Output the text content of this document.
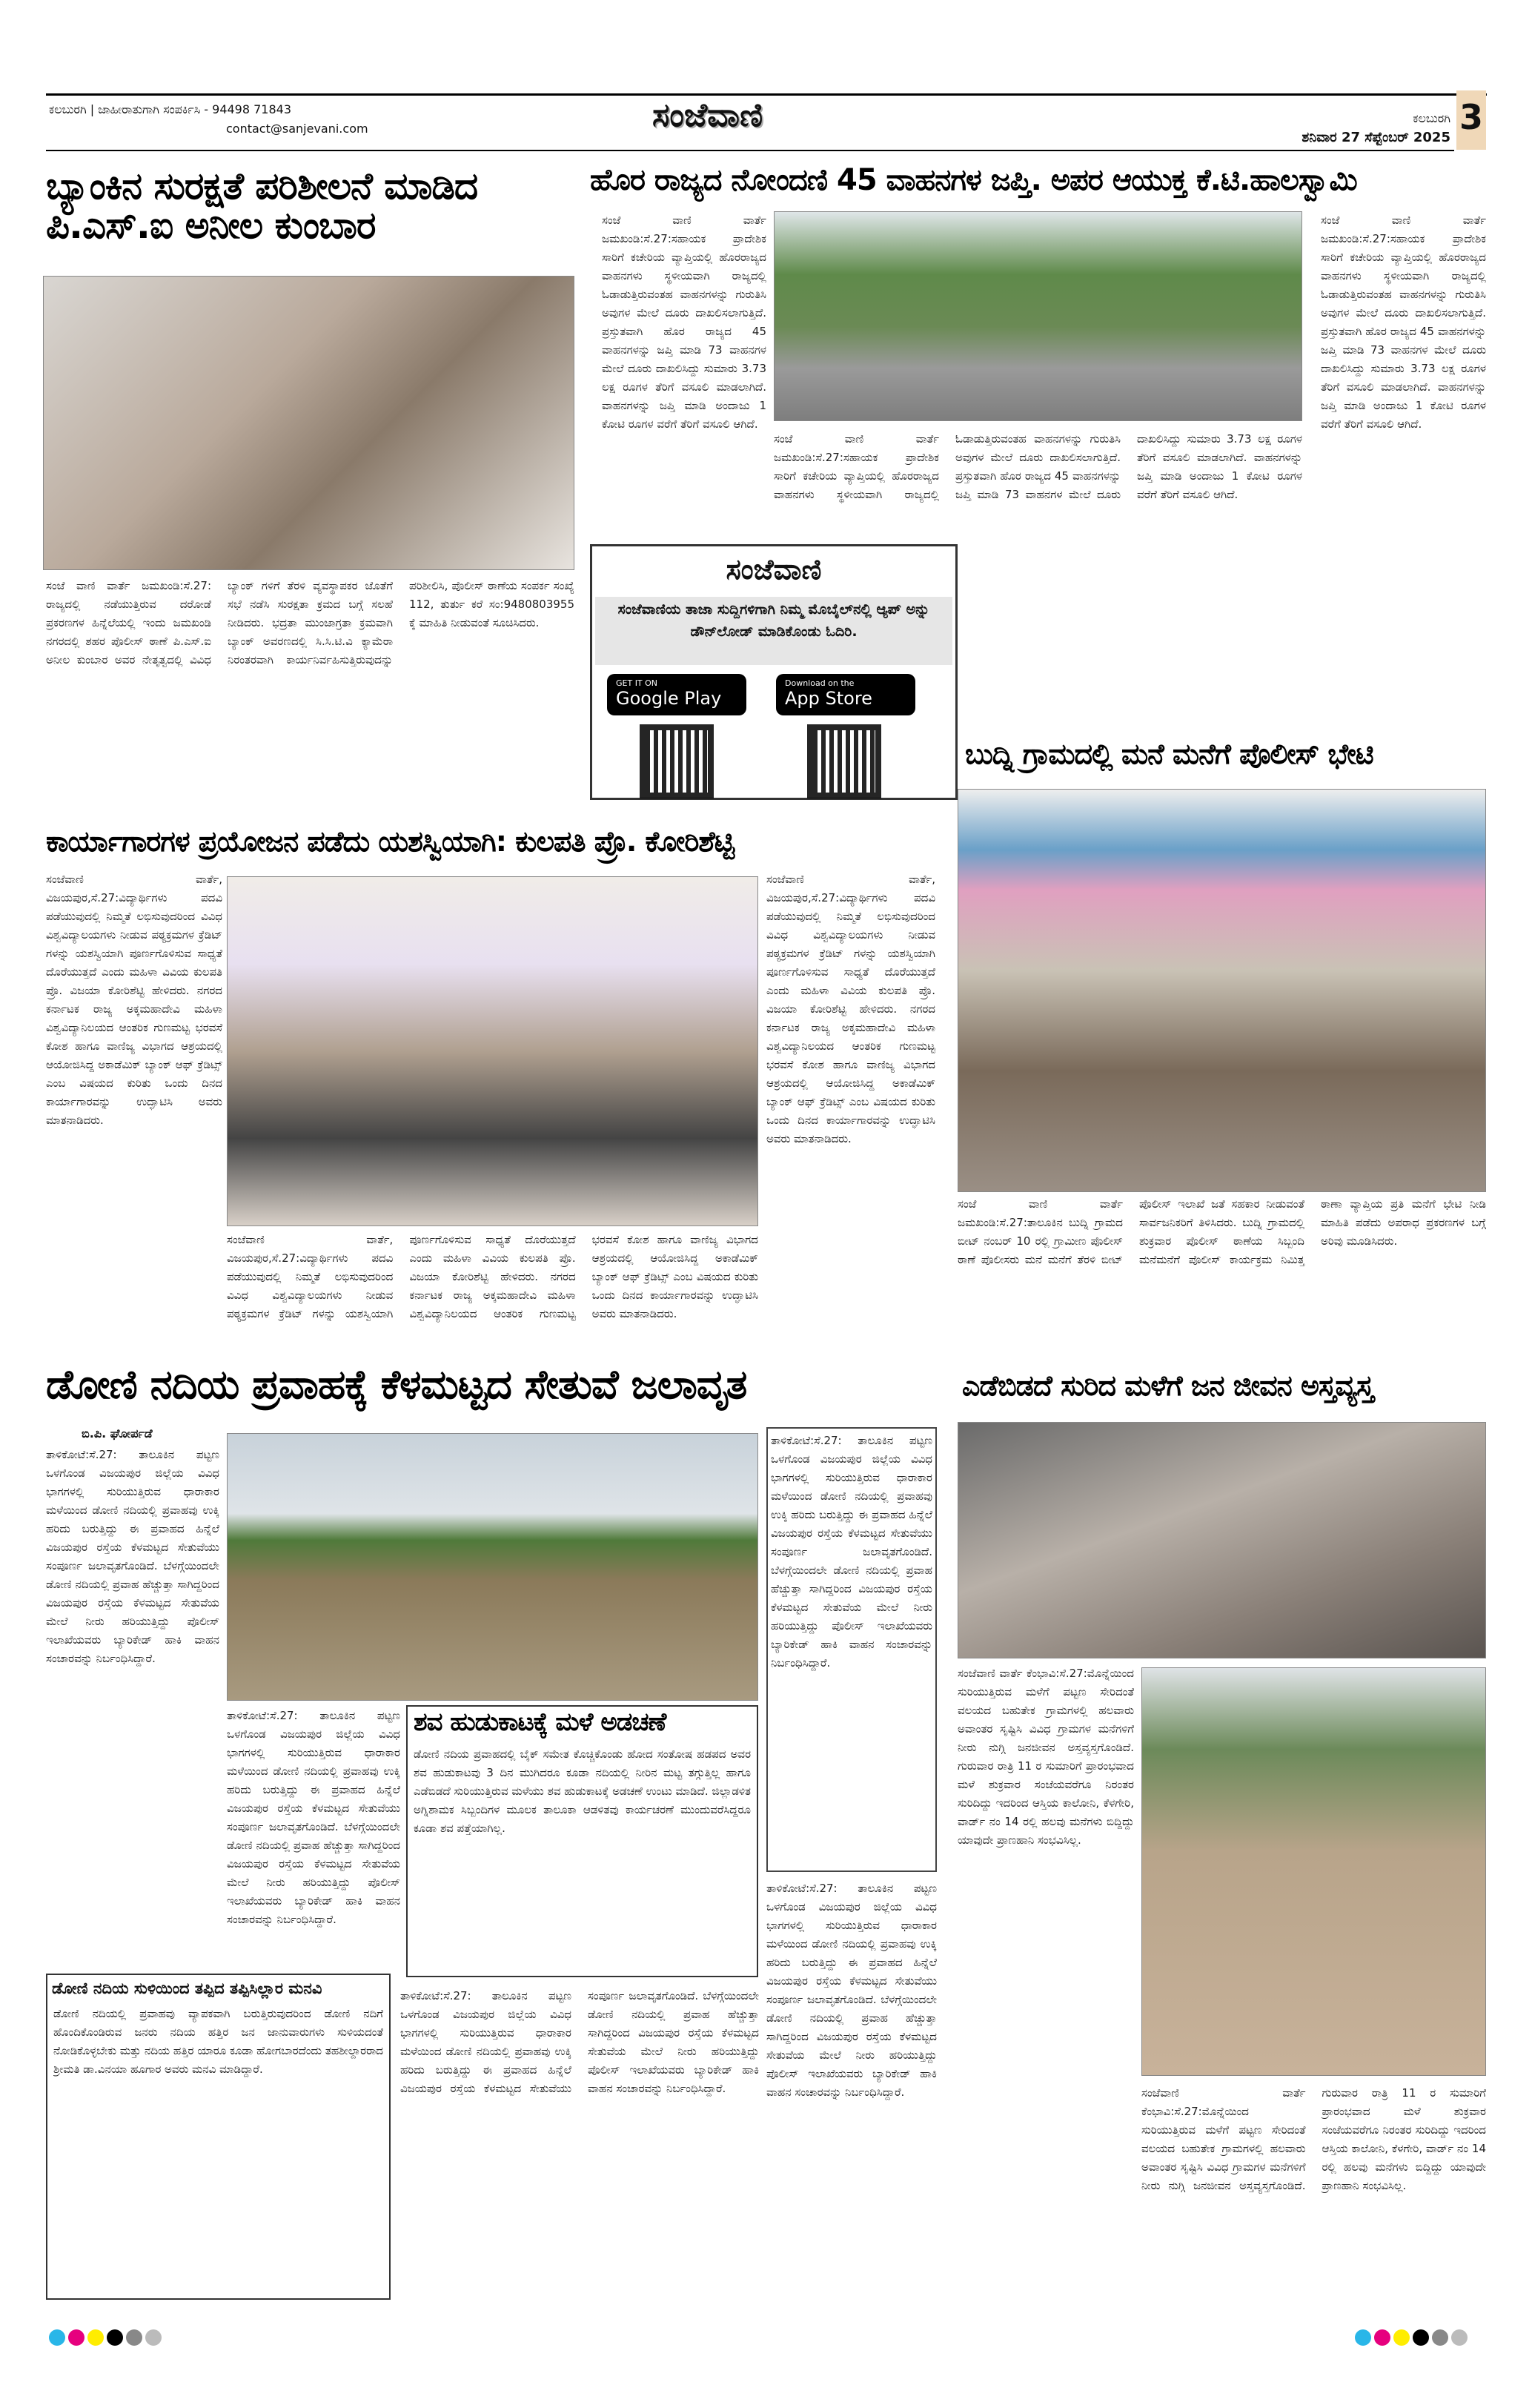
ಕಲಬುರಗಿ | ಜಾಹೀರಾತುಗಾಗಿ ಸಂಪರ್ಕಿಸಿ - 94498 71843
contact@sanjevani.com	ಸಂಜೆವಾಣಿ	ಕಲಬುರಗಿ
ಶನಿವಾರ 27 ಸೆಪ್ಟೆಂಬರ್ 2025
3
ಬ್ಯಾಂಕಿನ ಸುರಕ್ಷತೆ ಪರಿಶೀಲನೆ ಮಾಡಿದ ಪಿ.ಎಸ್.ಐ ಅನೀಲ ಕುಂಬಾರ
ಸಂಜೆ ವಾಣಿ ವಾರ್ತೆ ಜಮಖಂಡಿ:ಸೆ.27: ರಾಜ್ಯದಲ್ಲಿ ನಡೆಯುತ್ತಿರುವ ದರೋಡೆ ಪ್ರಕರಣಗಳ ಹಿನ್ನೆಲೆಯಲ್ಲಿ ಇಂದು ಜಮಖಂಡಿ ನಗರದಲ್ಲಿ ಶಹರ ಪೊಲೀಸ್ ಠಾಣೆ ಪಿ.ಎಸ್.ಐ ಅನೀಲ ಕುಂಬಾರ ಅವರ ನೇತೃತ್ವದಲ್ಲಿ ವಿವಿಧ ಬ್ಯಾಂಕ್ ಗಳಿಗೆ ತೆರಳಿ ವ್ಯವಸ್ಥಾಪಕರ ಜೊತೆಗೆ ಸಭೆ ನಡೆಸಿ ಸುರಕ್ಷತಾ ಕ್ರಮದ ಬಗ್ಗೆ ಸಲಹೆ ನೀಡಿದರು. ಭದ್ರತಾ ಮುಂಜಾಗ್ರತಾ ಕ್ರಮವಾಗಿ ಬ್ಯಾಂಕ್ ಅವರಣದಲ್ಲಿ ಸಿ.ಸಿ.ಟಿ.ವಿ ಕ್ಯಾಮೆರಾ ನಿರಂತರವಾಗಿ ಕಾರ್ಯನಿರ್ವಹಿಸುತ್ತಿರುವುದನ್ನು ಪರಿಶೀಲಿಸಿ, ಪೊಲೀಸ್ ಠಾಣೆಯ ಸಂಪರ್ಕ ಸಂಖ್ಯೆ 112, ತುರ್ತು ಕರೆ ಸಂ:9480803955 ಕ್ಕೆ ಮಾಹಿತಿ ನೀಡುವಂತೆ ಸೂಚಿಸಿದರು.
ಹೊರ ರಾಜ್ಯದ ನೋಂದಣಿ 45 ವಾಹನಗಳ ಜಪ್ತಿ. ಅಪರ ಆಯುಕ್ತ ಕೆ.ಟಿ.ಹಾಲಸ್ವಾಮಿ
ಸಂಜೆ ವಾಣಿ ವಾರ್ತೆ ಜಮಖಂಡಿ:ಸೆ.27:ಸಹಾಯಕ ಪ್ರಾದೇಶಿಕ ಸಾರಿಗೆ ಕಚೇರಿಯ ವ್ಯಾಪ್ತಿಯಲ್ಲಿ ಹೊರರಾಜ್ಯದ ವಾಹನಗಳು ಸ್ಥಳೀಯವಾಗಿ ರಾಜ್ಯದಲ್ಲಿ ಓಡಾಡುತ್ತಿರುವಂತಹ ವಾಹನಗಳನ್ನು ಗುರುತಿಸಿ ಅವುಗಳ ಮೇಲೆ ದೂರು ದಾಖಲಿಸಲಾಗುತ್ತಿದೆ. ಪ್ರಸ್ತುತವಾಗಿ ಹೊರ ರಾಜ್ಯದ 45 ವಾಹನಗಳನ್ನು ಜಪ್ತಿ ಮಾಡಿ 73 ವಾಹನಗಳ ಮೇಲೆ ದೂರು ದಾಖಲಿಸಿದ್ದು ಸುಮಾರು 3.73 ಲಕ್ಷ ರೂಗಳ ತೆರಿಗೆ ವಸೂಲಿ ಮಾಡಲಾಗಿದೆ. ವಾಹನಗಳನ್ನು ಜಪ್ತಿ ಮಾಡಿ ಅಂದಾಜು 1 ಕೋಟಿ ರೂಗಳ ವರೆಗೆ ತೆರಿಗೆ ವಸೂಲಿ ಆಗಿದೆ.
ಸಂಜೆ ವಾಣಿ ವಾರ್ತೆ ಜಮಖಂಡಿ:ಸೆ.27:ಸಹಾಯಕ ಪ್ರಾದೇಶಿಕ ಸಾರಿಗೆ ಕಚೇರಿಯ ವ್ಯಾಪ್ತಿಯಲ್ಲಿ ಹೊರರಾಜ್ಯದ ವಾಹನಗಳು ಸ್ಥಳೀಯವಾಗಿ ರಾಜ್ಯದಲ್ಲಿ ಓಡಾಡುತ್ತಿರುವಂತಹ ವಾಹನಗಳನ್ನು ಗುರುತಿಸಿ ಅವುಗಳ ಮೇಲೆ ದೂರು ದಾಖಲಿಸಲಾಗುತ್ತಿದೆ. ಪ್ರಸ್ತುತವಾಗಿ ಹೊರ ರಾಜ್ಯದ 45 ವಾಹನಗಳನ್ನು ಜಪ್ತಿ ಮಾಡಿ 73 ವಾಹನಗಳ ಮೇಲೆ ದೂರು ದಾಖಲಿಸಿದ್ದು ಸುಮಾರು 3.73 ಲಕ್ಷ ರೂಗಳ ತೆರಿಗೆ ವಸೂಲಿ ಮಾಡಲಾಗಿದೆ. ವಾಹನಗಳನ್ನು ಜಪ್ತಿ ಮಾಡಿ ಅಂದಾಜು 1 ಕೋಟಿ ರೂಗಳ ವರೆಗೆ ತೆರಿಗೆ ವಸೂಲಿ ಆಗಿದೆ.
ಸಂಜೆ ವಾಣಿ ವಾರ್ತೆ ಜಮಖಂಡಿ:ಸೆ.27:ಸಹಾಯಕ ಪ್ರಾದೇಶಿಕ ಸಾರಿಗೆ ಕಚೇರಿಯ ವ್ಯಾಪ್ತಿಯಲ್ಲಿ ಹೊರರಾಜ್ಯದ ವಾಹನಗಳು ಸ್ಥಳೀಯವಾಗಿ ರಾಜ್ಯದಲ್ಲಿ ಓಡಾಡುತ್ತಿರುವಂತಹ ವಾಹನಗಳನ್ನು ಗುರುತಿಸಿ ಅವುಗಳ ಮೇಲೆ ದೂರು ದಾಖಲಿಸಲಾಗುತ್ತಿದೆ. ಪ್ರಸ್ತುತವಾಗಿ ಹೊರ ರಾಜ್ಯದ 45 ವಾಹನಗಳನ್ನು ಜಪ್ತಿ ಮಾಡಿ 73 ವಾಹನಗಳ ಮೇಲೆ ದೂರು ದಾಖಲಿಸಿದ್ದು ಸುಮಾರು 3.73 ಲಕ್ಷ ರೂಗಳ ತೆರಿಗೆ ವಸೂಲಿ ಮಾಡಲಾಗಿದೆ. ವಾಹನಗಳನ್ನು ಜಪ್ತಿ ಮಾಡಿ ಅಂದಾಜು 1 ಕೋಟಿ ರೂಗಳ ವರೆಗೆ ತೆರಿಗೆ ವಸೂಲಿ ಆಗಿದೆ.
ಸಂಜೆವಾಣಿ
ಸಂಜೆವಾಣಿಯ ತಾಜಾ ಸುದ್ದಿಗಳಿಗಾಗಿ ನಿಮ್ಮ ಮೊಬೈಲ್‌ನಲ್ಲಿ ಆ್ಯಪ್ ಅನ್ನು ಡೌನ್‌ಲೋಡ್ ಮಾಡಿಕೊಂಡು ಓದಿರಿ.
GET IT ON
Google Play
Download on the
App Store
ಬುದ್ನಿ ಗ್ರಾಮದಲ್ಲಿ ಮನೆ ಮನೆಗೆ ಪೊಲೀಸ್ ಭೇಟಿ
ಸಂಜೆ ವಾಣಿ ವಾರ್ತೆ ಜಮಖಂಡಿ:ಸೆ.27:ತಾಲೂಕಿನ ಬುದ್ನಿ ಗ್ರಾಮದ ಬೀಟ್ ನಂಬರ್ 10 ರಲ್ಲಿ ಗ್ರಾಮೀಣ ಪೊಲೀಸ್ ಠಾಣೆ ಪೊಲೀಸರು ಮನೆ ಮನೆಗೆ ತೆರಳಿ ಬೀಟ್ ಪೊಲೀಸ್ ಇಲಾಖೆ ಜತೆ ಸಹಕಾರ ನೀಡುವಂತೆ ಸಾರ್ವಜನಿಕರಿಗೆ ತಿಳಿಸಿದರು. ಬುದ್ನಿ ಗ್ರಾಮದಲ್ಲಿ ಶುಕ್ರವಾರ ಪೊಲೀಸ್ ಠಾಣೆಯ ಸಿಬ್ಬಂದಿ ಮನೆಮನೆಗೆ ಪೊಲೀಸ್ ಕಾರ್ಯಕ್ರಮ ನಿಮಿತ್ತ ಠಾಣಾ ವ್ಯಾಪ್ತಿಯ ಪ್ರತಿ ಮನೆಗೆ ಭೇಟಿ ನೀಡಿ ಮಾಹಿತಿ ಪಡೆದು ಅಪರಾಧ ಪ್ರಕರಣಗಳ ಬಗ್ಗೆ ಅರಿವು ಮೂಡಿಸಿದರು.
ಕಾರ್ಯಾಗಾರಗಳ ಪ್ರಯೋಜನ ಪಡೆದು ಯಶಸ್ವಿಯಾಗಿ: ಕುಲಪತಿ ಪ್ರೊ. ಕೋರಿಶೆಟ್ಟಿ
ಸಂಜೆವಾಣಿ ವಾರ್ತೆ, ವಿಜಯಪುರ,ಸೆ.27:ವಿದ್ಯಾರ್ಥಿಗಳು ಪದವಿ ಪಡೆಯುವುದಲ್ಲಿ ನಿಮ್ಮತೆ ಲಭಿಸುವುದರಿಂದ ವಿವಿಧ ವಿಶ್ವವಿದ್ಯಾಲಯಗಳು ನೀಡುವ ಪಠ್ಯಕ್ರಮಗಳ ಕ್ರೆಡಿಟ್ ಗಳನ್ನು ಯಶಸ್ವಿಯಾಗಿ ಪೂರ್ಣಗೊಳಿಸುವ ಸಾಧ್ಯತೆ ದೊರೆಯುತ್ತದೆ ಎಂದು ಮಹಿಳಾ ವಿವಿಯ ಕುಲಪತಿ ಪ್ರೊ. ವಿಜಯಾ ಕೋರಿಶೆಟ್ಟಿ ಹೇಳಿದರು. ನಗರದ ಕರ್ನಾಟಕ ರಾಜ್ಯ ಅಕ್ಕಮಹಾದೇವಿ ಮಹಿಳಾ ವಿಶ್ವವಿದ್ಯಾನಿಲಯದ ಆಂತರಿಕ ಗುಣಮಟ್ಟ ಭರವಸೆ ಕೋಶ ಹಾಗೂ ವಾಣಿಜ್ಯ ವಿಭಾಗದ ಆಶ್ರಯದಲ್ಲಿ ಆಯೋಜಿಸಿದ್ದ ಅಕಾಡೆಮಿಕ್ ಬ್ಯಾಂಕ್ ಆಫ್ ಕ್ರೆಡಿಟ್ಸ್ ಎಂಬ ವಿಷಯದ ಕುರಿತು ಒಂದು ದಿನದ ಕಾರ್ಯಾಗಾರವನ್ನು ಉದ್ಘಾಟಿಸಿ ಅವರು ಮಾತನಾಡಿದರು.
ಸಂಜೆವಾಣಿ ವಾರ್ತೆ, ವಿಜಯಪುರ,ಸೆ.27:ವಿದ್ಯಾರ್ಥಿಗಳು ಪದವಿ ಪಡೆಯುವುದಲ್ಲಿ ನಿಮ್ಮತೆ ಲಭಿಸುವುದರಿಂದ ವಿವಿಧ ವಿಶ್ವವಿದ್ಯಾಲಯಗಳು ನೀಡುವ ಪಠ್ಯಕ್ರಮಗಳ ಕ್ರೆಡಿಟ್ ಗಳನ್ನು ಯಶಸ್ವಿಯಾಗಿ ಪೂರ್ಣಗೊಳಿಸುವ ಸಾಧ್ಯತೆ ದೊರೆಯುತ್ತದೆ ಎಂದು ಮಹಿಳಾ ವಿವಿಯ ಕುಲಪತಿ ಪ್ರೊ. ವಿಜಯಾ ಕೋರಿಶೆಟ್ಟಿ ಹೇಳಿದರು. ನಗರದ ಕರ್ನಾಟಕ ರಾಜ್ಯ ಅಕ್ಕಮಹಾದೇವಿ ಮಹಿಳಾ ವಿಶ್ವವಿದ್ಯಾನಿಲಯದ ಆಂತರಿಕ ಗುಣಮಟ್ಟ ಭರವಸೆ ಕೋಶ ಹಾಗೂ ವಾಣಿಜ್ಯ ವಿಭಾಗದ ಆಶ್ರಯದಲ್ಲಿ ಆಯೋಜಿಸಿದ್ದ ಅಕಾಡೆಮಿಕ್ ಬ್ಯಾಂಕ್ ಆಫ್ ಕ್ರೆಡಿಟ್ಸ್ ಎಂಬ ವಿಷಯದ ಕುರಿತು ಒಂದು ದಿನದ ಕಾರ್ಯಾಗಾರವನ್ನು ಉದ್ಘಾಟಿಸಿ ಅವರು ಮಾತನಾಡಿದರು.
ಸಂಜೆವಾಣಿ ವಾರ್ತೆ, ವಿಜಯಪುರ,ಸೆ.27:ವಿದ್ಯಾರ್ಥಿಗಳು ಪದವಿ ಪಡೆಯುವುದಲ್ಲಿ ನಿಮ್ಮತೆ ಲಭಿಸುವುದರಿಂದ ವಿವಿಧ ವಿಶ್ವವಿದ್ಯಾಲಯಗಳು ನೀಡುವ ಪಠ್ಯಕ್ರಮಗಳ ಕ್ರೆಡಿಟ್ ಗಳನ್ನು ಯಶಸ್ವಿಯಾಗಿ ಪೂರ್ಣಗೊಳಿಸುವ ಸಾಧ್ಯತೆ ದೊರೆಯುತ್ತದೆ ಎಂದು ಮಹಿಳಾ ವಿವಿಯ ಕುಲಪತಿ ಪ್ರೊ. ವಿಜಯಾ ಕೋರಿಶೆಟ್ಟಿ ಹೇಳಿದರು. ನಗರದ ಕರ್ನಾಟಕ ರಾಜ್ಯ ಅಕ್ಕಮಹಾದೇವಿ ಮಹಿಳಾ ವಿಶ್ವವಿದ್ಯಾನಿಲಯದ ಆಂತರಿಕ ಗುಣಮಟ್ಟ ಭರವಸೆ ಕೋಶ ಹಾಗೂ ವಾಣಿಜ್ಯ ವಿಭಾಗದ ಆಶ್ರಯದಲ್ಲಿ ಆಯೋಜಿಸಿದ್ದ ಅಕಾಡೆಮಿಕ್ ಬ್ಯಾಂಕ್ ಆಫ್ ಕ್ರೆಡಿಟ್ಸ್ ಎಂಬ ವಿಷಯದ ಕುರಿತು ಒಂದು ದಿನದ ಕಾರ್ಯಾಗಾರವನ್ನು ಉದ್ಘಾಟಿಸಿ ಅವರು ಮಾತನಾಡಿದರು.
ಡೋಣಿ ನದಿಯ ಪ್ರವಾಹಕ್ಕೆ ಕೆಳಮಟ್ಟದ ಸೇತುವೆ ಜಲಾವೃತ
ಬಿ.ಪಿ. ಘೋರ್ಪಡೆ
ತಾಳಿಕೋಟೆ:ಸೆ.27: ತಾಲೂಕಿನ ಪಟ್ಟಣ ಒಳಗೊಂಡ ವಿಜಯಪುರ ಜಿಲ್ಲೆಯ ವಿವಿಧ ಭಾಗಗಳಲ್ಲಿ ಸುರಿಯುತ್ತಿರುವ ಧಾರಾಕಾರ ಮಳೆಯಿಂದ ಡೋಣಿ ನದಿಯಲ್ಲಿ ಪ್ರವಾಹವು ಉಕ್ಕಿ ಹರಿದು ಬರುತ್ತಿದ್ದು ಈ ಪ್ರವಾಹದ ಹಿನ್ನೆಲೆ ವಿಜಯಪುರ ರಸ್ತೆಯ ಕೆಳಮಟ್ಟದ ಸೇತುವೆಯು ಸಂಪೂರ್ಣ ಜಲಾವೃತಗೊಂಡಿದೆ. ಬೆಳಗ್ಗೆಯಿಂದಲೇ ಡೋಣಿ ನದಿಯಲ್ಲಿ ಪ್ರವಾಹ ಹೆಚ್ಚುತ್ತಾ ಸಾಗಿದ್ದರಿಂದ ವಿಜಯಪುರ ರಸ್ತೆಯ ಕೆಳಮಟ್ಟದ ಸೇತುವೆಯ ಮೇಲೆ ನೀರು ಹರಿಯುತ್ತಿದ್ದು ಪೊಲೀಸ್ ಇಲಾಖೆಯವರು ಬ್ಯಾರಿಕೇಡ್ ಹಾಕಿ ವಾಹನ ಸಂಚಾರವನ್ನು ನಿರ್ಬಂಧಿಸಿದ್ದಾರೆ.
ತಾಳಿಕೋಟೆ:ಸೆ.27: ತಾಲೂಕಿನ ಪಟ್ಟಣ ಒಳಗೊಂಡ ವಿಜಯಪುರ ಜಿಲ್ಲೆಯ ವಿವಿಧ ಭಾಗಗಳಲ್ಲಿ ಸುರಿಯುತ್ತಿರುವ ಧಾರಾಕಾರ ಮಳೆಯಿಂದ ಡೋಣಿ ನದಿಯಲ್ಲಿ ಪ್ರವಾಹವು ಉಕ್ಕಿ ಹರಿದು ಬರುತ್ತಿದ್ದು ಈ ಪ್ರವಾಹದ ಹಿನ್ನೆಲೆ ವಿಜಯಪುರ ರಸ್ತೆಯ ಕೆಳಮಟ್ಟದ ಸೇತುವೆಯು ಸಂಪೂರ್ಣ ಜಲಾವೃತಗೊಂಡಿದೆ. ಬೆಳಗ್ಗೆಯಿಂದಲೇ ಡೋಣಿ ನದಿಯಲ್ಲಿ ಪ್ರವಾಹ ಹೆಚ್ಚುತ್ತಾ ಸಾಗಿದ್ದರಿಂದ ವಿಜಯಪುರ ರಸ್ತೆಯ ಕೆಳಮಟ್ಟದ ಸೇತುವೆಯ ಮೇಲೆ ನೀರು ಹರಿಯುತ್ತಿದ್ದು ಪೊಲೀಸ್ ಇಲಾಖೆಯವರು ಬ್ಯಾರಿಕೇಡ್ ಹಾಕಿ ವಾಹನ ಸಂಚಾರವನ್ನು ನಿರ್ಬಂಧಿಸಿದ್ದಾರೆ.
ಶವ ಹುಡುಕಾಟಕ್ಕೆ ಮಳೆ ಅಡಚಣೆ
ಡೋಣಿ ನದಿಯ ಪ್ರವಾಹದಲ್ಲಿ ಬೈಕ್ ಸಮೇತ ಕೊಚ್ಚಿಕೊಂಡು ಹೋದ ಸಂತೋಷ ಹಡಪದ ಅವರ ಶವ ಹುಡುಕಾಟವು 3 ದಿನ ಮುಗಿದರೂ ಕೂಡಾ ನದಿಯಲ್ಲಿ ನೀರಿನ ಮಟ್ಟ ತಗ್ಗುತ್ತಿಲ್ಲ ಹಾಗೂ ಎಡೆಬಿಡದೆ ಸುರಿಯುತ್ತಿರುವ ಮಳೆಯು ಶವ ಹುಡುಕಾಟಕ್ಕೆ ಅಡಚಣೆ ಉಂಟು ಮಾಡಿದೆ. ಜಿಲ್ಲಾಡಳಿತ ಅಗ್ನಿಶಾಮಕ ಸಿಬ್ಬಂದಿಗಳ ಮೂಲಕ ತಾಲೂಕಾ ಆಡಳಿತವು ಕಾರ್ಯಚರಣೆ ಮುಂದುವರೆಸಿದ್ದರೂ ಕೂಡಾ ಶವ ಪತ್ತೆಯಾಗಿಲ್ಲ.
ತಾಳಿಕೋಟೆ:ಸೆ.27: ತಾಲೂಕಿನ ಪಟ್ಟಣ ಒಳಗೊಂಡ ವಿಜಯಪುರ ಜಿಲ್ಲೆಯ ವಿವಿಧ ಭಾಗಗಳಲ್ಲಿ ಸುರಿಯುತ್ತಿರುವ ಧಾರಾಕಾರ ಮಳೆಯಿಂದ ಡೋಣಿ ನದಿಯಲ್ಲಿ ಪ್ರವಾಹವು ಉಕ್ಕಿ ಹರಿದು ಬರುತ್ತಿದ್ದು ಈ ಪ್ರವಾಹದ ಹಿನ್ನೆಲೆ ವಿಜಯಪುರ ರಸ್ತೆಯ ಕೆಳಮಟ್ಟದ ಸೇತುವೆಯು ಸಂಪೂರ್ಣ ಜಲಾವೃತಗೊಂಡಿದೆ. ಬೆಳಗ್ಗೆಯಿಂದಲೇ ಡೋಣಿ ನದಿಯಲ್ಲಿ ಪ್ರವಾಹ ಹೆಚ್ಚುತ್ತಾ ಸಾಗಿದ್ದರಿಂದ ವಿಜಯಪುರ ರಸ್ತೆಯ ಕೆಳಮಟ್ಟದ ಸೇತುವೆಯ ಮೇಲೆ ನೀರು ಹರಿಯುತ್ತಿದ್ದು ಪೊಲೀಸ್ ಇಲಾಖೆಯವರು ಬ್ಯಾರಿಕೇಡ್ ಹಾಕಿ ವಾಹನ ಸಂಚಾರವನ್ನು ನಿರ್ಬಂಧಿಸಿದ್ದಾರೆ.
ತಾಳಿಕೋಟೆ:ಸೆ.27: ತಾಲೂಕಿನ ಪಟ್ಟಣ ಒಳಗೊಂಡ ವಿಜಯಪುರ ಜಿಲ್ಲೆಯ ವಿವಿಧ ಭಾಗಗಳಲ್ಲಿ ಸುರಿಯುತ್ತಿರುವ ಧಾರಾಕಾರ ಮಳೆಯಿಂದ ಡೋಣಿ ನದಿಯಲ್ಲಿ ಪ್ರವಾಹವು ಉಕ್ಕಿ ಹರಿದು ಬರುತ್ತಿದ್ದು ಈ ಪ್ರವಾಹದ ಹಿನ್ನೆಲೆ ವಿಜಯಪುರ ರಸ್ತೆಯ ಕೆಳಮಟ್ಟದ ಸೇತುವೆಯು ಸಂಪೂರ್ಣ ಜಲಾವೃತಗೊಂಡಿದೆ. ಬೆಳಗ್ಗೆಯಿಂದಲೇ ಡೋಣಿ ನದಿಯಲ್ಲಿ ಪ್ರವಾಹ ಹೆಚ್ಚುತ್ತಾ ಸಾಗಿದ್ದರಿಂದ ವಿಜಯಪುರ ರಸ್ತೆಯ ಕೆಳಮಟ್ಟದ ಸೇತುವೆಯ ಮೇಲೆ ನೀರು ಹರಿಯುತ್ತಿದ್ದು ಪೊಲೀಸ್ ಇಲಾಖೆಯವರು ಬ್ಯಾರಿಕೇಡ್ ಹಾಕಿ ವಾಹನ ಸಂಚಾರವನ್ನು ನಿರ್ಬಂಧಿಸಿದ್ದಾರೆ.
ಡೋಣಿ ನದಿಯ ಸುಳಿಯಿಂದ ತಪ್ಪಿದ ತಪ್ಪಿಸಿಲ್ಲಾರ ಮನವಿ
ಡೋಣಿ ನದಿಯಲ್ಲಿ ಪ್ರವಾಹವು ವ್ಯಾಪಕವಾಗಿ ಬರುತ್ತಿರುವುದರಿಂದ ಡೋಣಿ ನದಿಗೆ ಹೊಂದಿಕೊಂಡಿರುವ ಜನರು ನದಿಯ ಹತ್ತಿರ ಜನ ಜಾನುವಾರುಗಳು ಸುಳಿಯದಂತೆ ನೋಡಿಕೊಳ್ಳಬೇಕು ಮತ್ತು ನದಿಯ ಹತ್ತಿರ ಯಾರೂ ಕೂಡಾ ಹೋಗಬಾರದೆಂದು ತಹಶೀಲ್ದಾರರಾದ ಶ್ರೀಮತಿ ಡಾ.ವಿನಯಾ ಹೂಗಾರ ಅವರು ಮನವಿ ಮಾಡಿದ್ದಾರೆ.
ತಾಳಿಕೋಟೆ:ಸೆ.27: ತಾಲೂಕಿನ ಪಟ್ಟಣ ಒಳಗೊಂಡ ವಿಜಯಪುರ ಜಿಲ್ಲೆಯ ವಿವಿಧ ಭಾಗಗಳಲ್ಲಿ ಸುರಿಯುತ್ತಿರುವ ಧಾರಾಕಾರ ಮಳೆಯಿಂದ ಡೋಣಿ ನದಿಯಲ್ಲಿ ಪ್ರವಾಹವು ಉಕ್ಕಿ ಹರಿದು ಬರುತ್ತಿದ್ದು ಈ ಪ್ರವಾಹದ ಹಿನ್ನೆಲೆ ವಿಜಯಪುರ ರಸ್ತೆಯ ಕೆಳಮಟ್ಟದ ಸೇತುವೆಯು ಸಂಪೂರ್ಣ ಜಲಾವೃತಗೊಂಡಿದೆ. ಬೆಳಗ್ಗೆಯಿಂದಲೇ ಡೋಣಿ ನದಿಯಲ್ಲಿ ಪ್ರವಾಹ ಹೆಚ್ಚುತ್ತಾ ಸಾಗಿದ್ದರಿಂದ ವಿಜಯಪುರ ರಸ್ತೆಯ ಕೆಳಮಟ್ಟದ ಸೇತುವೆಯ ಮೇಲೆ ನೀರು ಹರಿಯುತ್ತಿದ್ದು ಪೊಲೀಸ್ ಇಲಾಖೆಯವರು ಬ್ಯಾರಿಕೇಡ್ ಹಾಕಿ ವಾಹನ ಸಂಚಾರವನ್ನು ನಿರ್ಬಂಧಿಸಿದ್ದಾರೆ.
ಎಡೆಬಿಡದೆ ಸುರಿದ ಮಳೆಗೆ ಜನ ಜೀವನ ಅಸ್ತವ್ಯಸ್ತ
ಸಂಜೆವಾಣಿ ವಾರ್ತೆ ಕೆಂಭಾವಿ:ಸೆ.27:ಮೊನ್ನೆಯಿಂದ ಸುರಿಯುತ್ತಿರುವ ಮಳೆಗೆ ಪಟ್ಟಣ ಸೇರಿದಂತೆ ವಲಯದ ಬಹುತೇಕ ಗ್ರಾಮಗಳಲ್ಲಿ ಹಲವಾರು ಅವಾಂತರ ಸೃಷ್ಟಿಸಿ ವಿವಿಧ ಗ್ರಾಮಗಳ ಮನೆಗಳಿಗೆ ನೀರು ನುಗ್ಗಿ ಜನಜೀವನ ಅಸ್ತವ್ಯಸ್ತಗೊಂಡಿದೆ. ಗುರುವಾರ ರಾತ್ರಿ 11 ರ ಸುಮಾರಿಗೆ ಪ್ರಾರಂಭವಾದ ಮಳೆ ಶುಕ್ರವಾರ ಸಂಜೆಯವರೆಗೂ ನಿರಂತರ ಸುರಿದಿದ್ದು ಇದರಿಂದ ಆಸ್ತಿಯ ಕಾಲೋನಿ, ಕೆಳಗೇರಿ, ವಾರ್ಡ್ ನಂ 14 ರಲ್ಲಿ ಹಲವು ಮನೆಗಳು ಬಿದ್ದಿದ್ದು ಯಾವುದೇ ಪ್ರಾಣಹಾನಿ ಸಂಭವಿಸಿಲ್ಲ.
ಸಂಜೆವಾಣಿ ವಾರ್ತೆ ಕೆಂಭಾವಿ:ಸೆ.27:ಮೊನ್ನೆಯಿಂದ ಸುರಿಯುತ್ತಿರುವ ಮಳೆಗೆ ಪಟ್ಟಣ ಸೇರಿದಂತೆ ವಲಯದ ಬಹುತೇಕ ಗ್ರಾಮಗಳಲ್ಲಿ ಹಲವಾರು ಅವಾಂತರ ಸೃಷ್ಟಿಸಿ ವಿವಿಧ ಗ್ರಾಮಗಳ ಮನೆಗಳಿಗೆ ನೀರು ನುಗ್ಗಿ ಜನಜೀವನ ಅಸ್ತವ್ಯಸ್ತಗೊಂಡಿದೆ. ಗುರುವಾರ ರಾತ್ರಿ 11 ರ ಸುಮಾರಿಗೆ ಪ್ರಾರಂಭವಾದ ಮಳೆ ಶುಕ್ರವಾರ ಸಂಜೆಯವರೆಗೂ ನಿರಂತರ ಸುರಿದಿದ್ದು ಇದರಿಂದ ಆಸ್ತಿಯ ಕಾಲೋನಿ, ಕೆಳಗೇರಿ, ವಾರ್ಡ್ ನಂ 14 ರಲ್ಲಿ ಹಲವು ಮನೆಗಳು ಬಿದ್ದಿದ್ದು ಯಾವುದೇ ಪ್ರಾಣಹಾನಿ ಸಂಭವಿಸಿಲ್ಲ.
